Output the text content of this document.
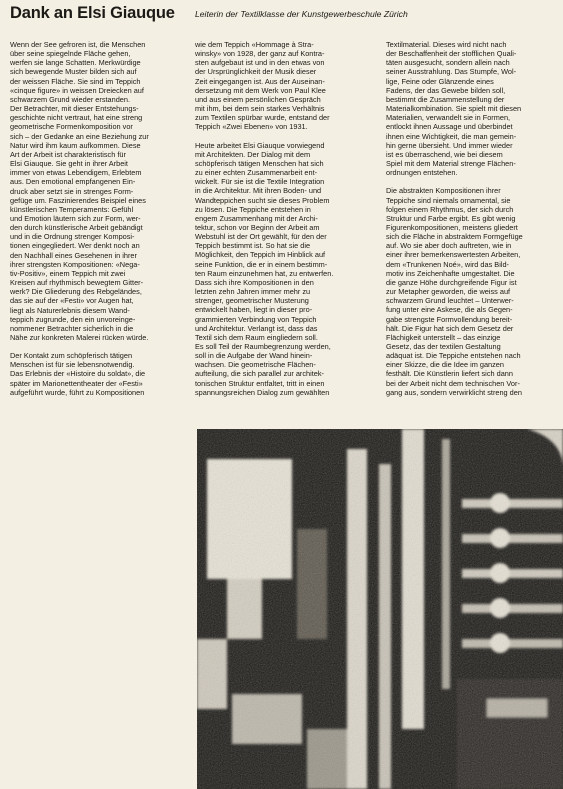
Dank an Elsi Giauque Leiterin der Textilklasse der Kunstgewerbeschule Zürich

Wenn der See gefroren ist, die Menschen
über seine spiegelnde Fläche gehen,
werfen sie lange Schatten. Merkwürdige
sich bewegende Muster bilden sich auf
der weissen Fläche. Sie sind im Teppich
«cinque figure» in weissen Dreiecken auf
schwarzem Grund wieder erstanden.
Der Betrachter, mit dieser Entstehungs-
geschichte nicht vertraut, hat eine streng
geometrische Formenkomposition vor
sich – der Gedanke an eine Beziehung zur
Natur wird ihm kaum aufkommen. Diese
Art der Arbeit ist charakteristisch für
Elsi Giauque. Sie geht in ihrer Arbeit
immer von etwas Lebendigem, Erlebtem
aus. Den emotional empfangenen Ein-
druck aber setzt sie in strenges Form-
gefüge um. Faszinierendes Beispiel eines
künstlerischen Temperaments: Gefühl
und Emotion läutern sich zur Form, wer-
den durch künstlerische Arbeit gebändigt
und in die Ordnung strenger Komposi-
tionen eingegliedert. Wer denkt noch an
den Nachhall eines Gesehenen in ihrer
ihrer strengsten Kompositionen: «Nega-
tiv-Positiv», einem Teppich mit zwei
Kreisen auf rhythmisch bewegtem Gitter-
werk? Die Gliederung des Rebgeländes,
das sie auf der «Festi» vor Augen hat,
liegt als Naturerlebnis diesem Wand-
teppich zugrunde, den ein unvoreinge-
nommener Betrachter sicherlich in die
Nähe zur konkreten Malerei rücken würde.

Der Kontakt zum schöpferisch tätigen
Menschen ist für sie lebensnotwendig.
Das Erlebnis der «Histoire du soldat», die
später im Marionettentheater der «Festi»
aufgeführt wurde, führt zu Kompositionen

wie dem Teppich «Hommage à Stra-
winsky» von 1928, der ganz auf Kontra-
sten aufgebaut ist und in den etwas von
der Ursprünglichkeit der Musik dieser
Zeit eingegangen ist. Aus der Auseinan-
dersetzung mit dem Werk von Paul Klee
und aus einem persönlichen Gespräch
mit ihm, bei dem sein starkes Verhältnis
zum Textilen spürbar wurde, entstand der
Teppich «Zwei Ebenen» von 1931.

Heute arbeitet Elsi Giauque vorwiegend
mit Architekten. Der Dialog mit dem
schöpferisch tätigen Menschen hat sich
zu einer echten Zusammenarbeit ent-
wickelt. Für sie ist die Textile Integration
in die Architektur. Mit ihren Boden- und
Wandteppichen sucht sie dieses Problem
zu lösen. Die Teppiche entstehen in
engem Zusammenhang mit der Archi-
tektur, schon vor Beginn der Arbeit am
Webstuhl ist der Ort gewählt, für den der
Teppich bestimmt ist. So hat sie die
Möglichkeit, den Teppich im Hinblick auf
seine Funktion, die er in einem bestimm-
ten Raum einzunehmen hat, zu entwerfen.
Dass sich ihre Kompositionen in den
letzten zehn Jahren immer mehr zu
strenger, geometrischer Musterung
entwickelt haben, liegt in dieser pro-
grammierten Verbindung von Teppich
und Architektur. Verlangt ist, dass das
Textil sich dem Raum eingliedern soll.
Es soll Teil der Raumbegrenzung werden,
soll in die Aufgabe der Wand hinein-
wachsen. Die geometrische Flächen-
aufteilung, die sich parallel zur architek-
tonischen Struktur entfaltet, tritt in einen
spannungsreichen Dialog zum gewählten

Textilmaterial. Dieses wird nicht nach
der Beschaffenheit der stofflichen Quali-
täten ausgesucht, sondern allein nach
seiner Ausstrahlung. Das Stumpfe, Wol-
lige, Feine oder Glänzende eines
Fadens, der das Gewebe bilden soll,
bestimmt die Zusammenstellung der
Materialkombination. Sie spielt mit diesen
Materialien, verwandelt sie in Formen,
entlockt ihnen Aussage und überbindet
ihnen eine Wichtigkeit, die man gemein-
hin gerne übersieht. Und immer wieder
ist es überraschend, wie bei diesem
Spiel mit dem Material strenge Flächen-
ordnungen entstehen.

Die abstrakten Kompositionen ihrer
Teppiche sind niemals ornamental, sie
folgen einem Rhythmus, der sich durch
Struktur und Farbe ergibt. Es gibt wenig
Figurenkompositionen, meistens gliedert
sich die Fläche in abstraktem Formgefüge
auf. Wo sie aber doch auftreten, wie in
einer ihrer bemerkenswertesten Arbeiten,
dem «Trunkenen Noé», wird das Bild-
motiv ins Zeichenhafte umgestaltet. Die
die ganze Höhe durchgreifende Figur ist
zur Metapher geworden, die weiss auf
schwarzem Grund leuchtet – Unterwer-
fung unter eine Askese, die als Gegen-
gabe strengste Formvollendung bereit-
hält. Die Figur hat sich dem Gesetz der
Flächigkeit unterstellt – das einzige
Gesetz, das der textilen Gestaltung
adäquat ist. Die Teppiche entstehen nach
einer Skizze, die die Idee im ganzen
festhält. Die Künstlerin liefert sich dann
bei der Arbeit nicht dem technischen Vor-
gang aus, sondern verwirklicht streng den
